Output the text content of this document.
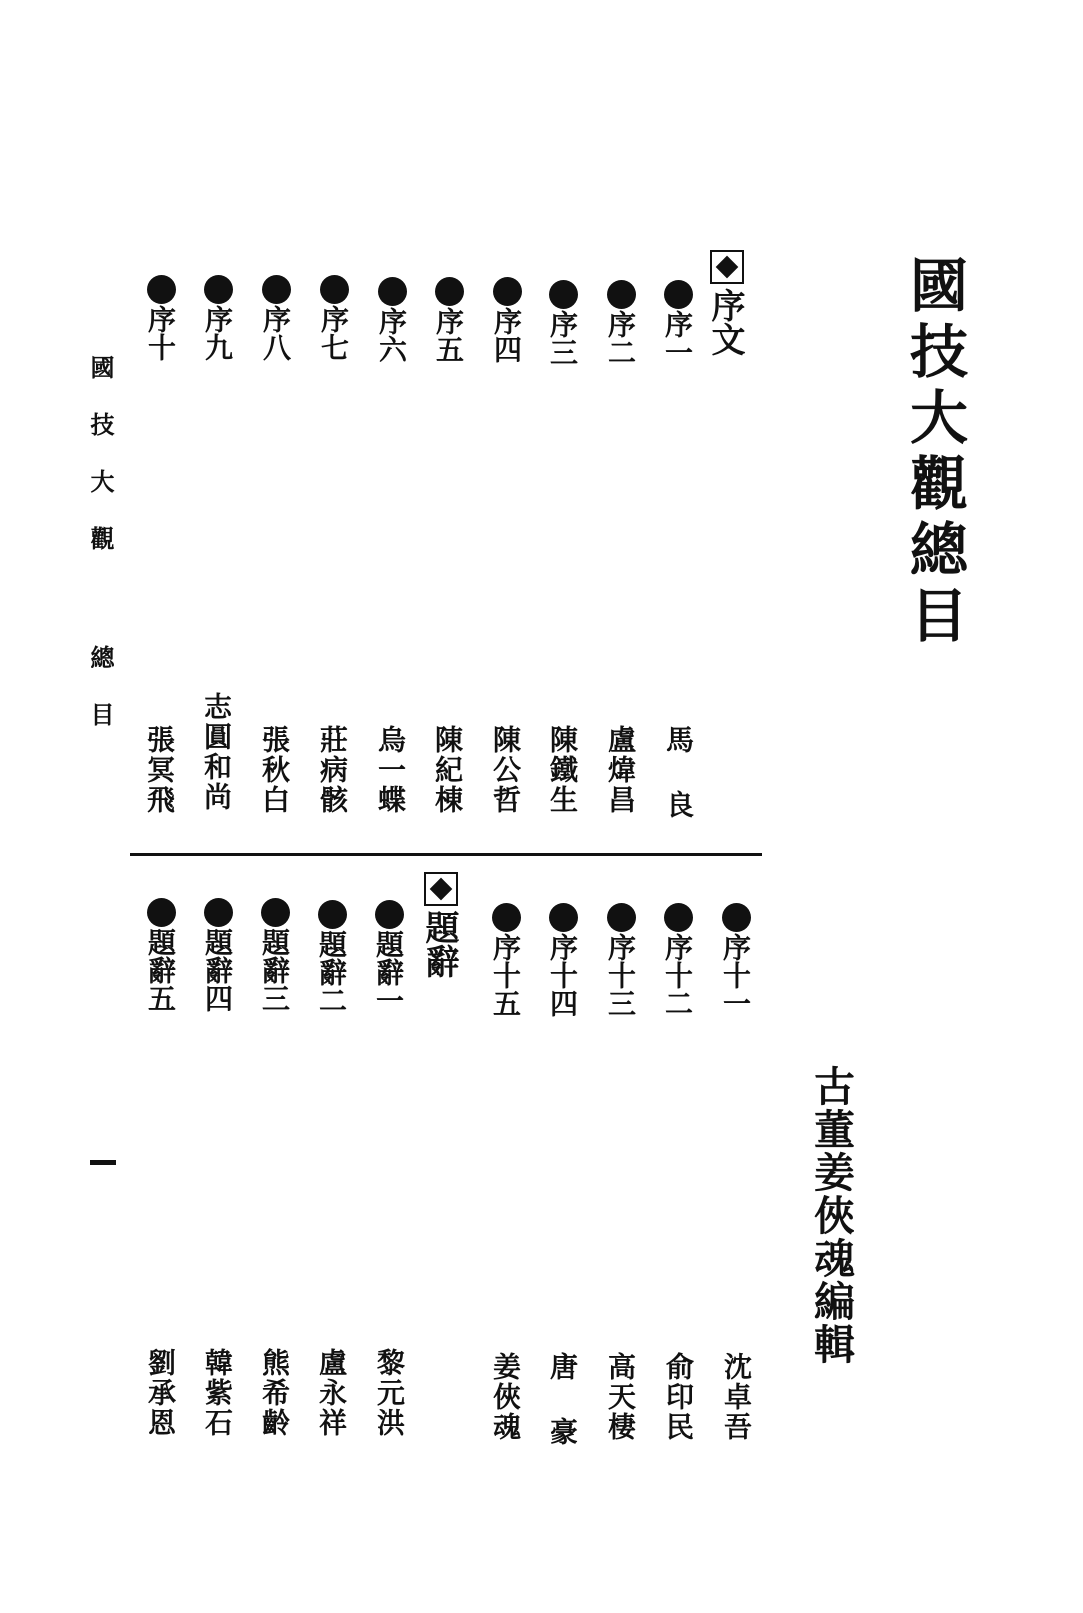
國技大觀總目
古董姜俠魂編輯
國技大觀 總目
序文
序一
序二
序三
序四
序五
序六
序七
序八
序九
序十
馬 良
盧煒昌
陳鐵生
陳公哲
陳紀棟
烏一蝶
莊病骸
張秋白
志圓和尚
張冥飛
序十一
序十二
序十三
序十四
序十五
題辭
題辭一
題辭二
題辭三
題辭四
題辭五
沈卓吾
俞印民
高天棲
唐 豪
姜俠魂
黎元洪
盧永祥
熊希齡
韓紫石
劉承恩
